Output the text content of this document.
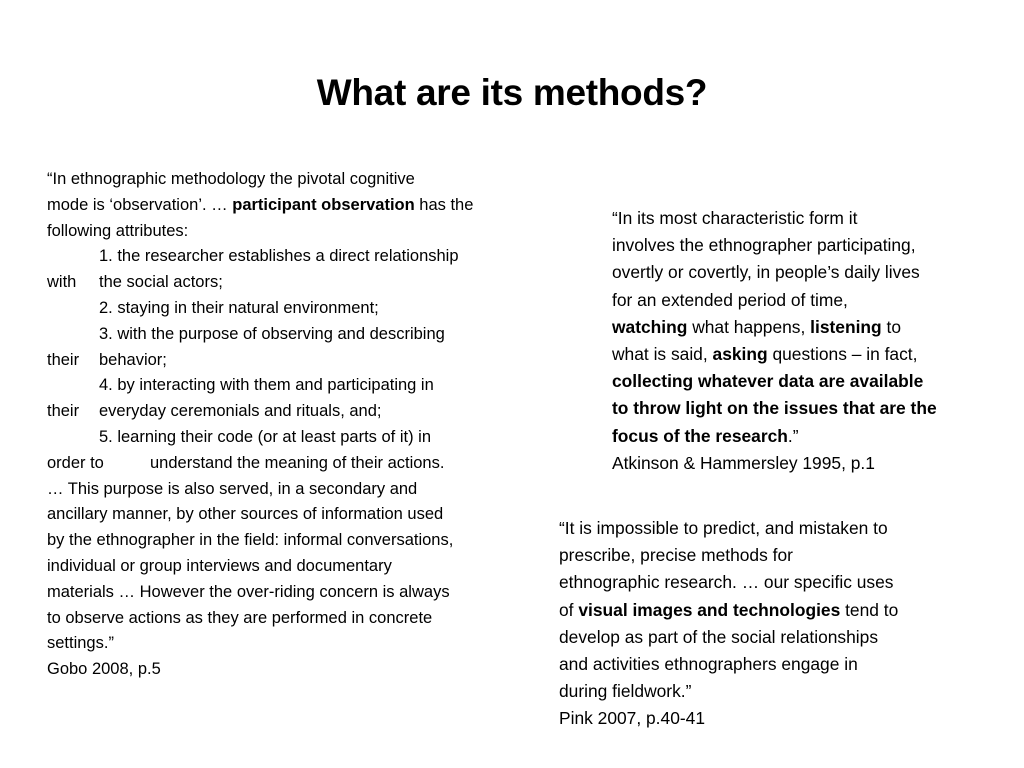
What are its methods?
“In ethnographic methodology the pivotal cognitive
mode is ‘observation’. … participant observation has the
following attributes:
1. the researcher establishes a direct relationship
with the social actors;
2. staying in their natural environment;
3. with the purpose of observing and describing
their behavior;
4. by interacting with them and participating in
their everyday ceremonials and rituals, and;
5. learning their code (or at least parts of it) in
order to	understand the meaning of their actions.
… This purpose is also served, in a secondary and
ancillary manner, by other sources of information used
by the ethnographer in the field: informal conversations,
individual or group interviews and documentary
materials … However the over-riding concern is always
to observe actions as they are performed in concrete
settings.”
Gobo 2008, p.5
“In its most characteristic form it
involves the ethnographer participating,
overtly or covertly, in people’s daily lives
for an extended period of time,
watching what happens, listening to
what is said, asking questions – in fact,
collecting whatever data are available
to throw light on the issues that are the
focus of the research.”
Atkinson & Hammersley 1995, p.1
“It is impossible to predict, and mistaken to
prescribe, precise methods for
ethnographic research. … our specific uses
of visual images and technologies tend to
develop as part of the social relationships
and activities ethnographers engage in
during fieldwork.”
Pink 2007, p.40-41
